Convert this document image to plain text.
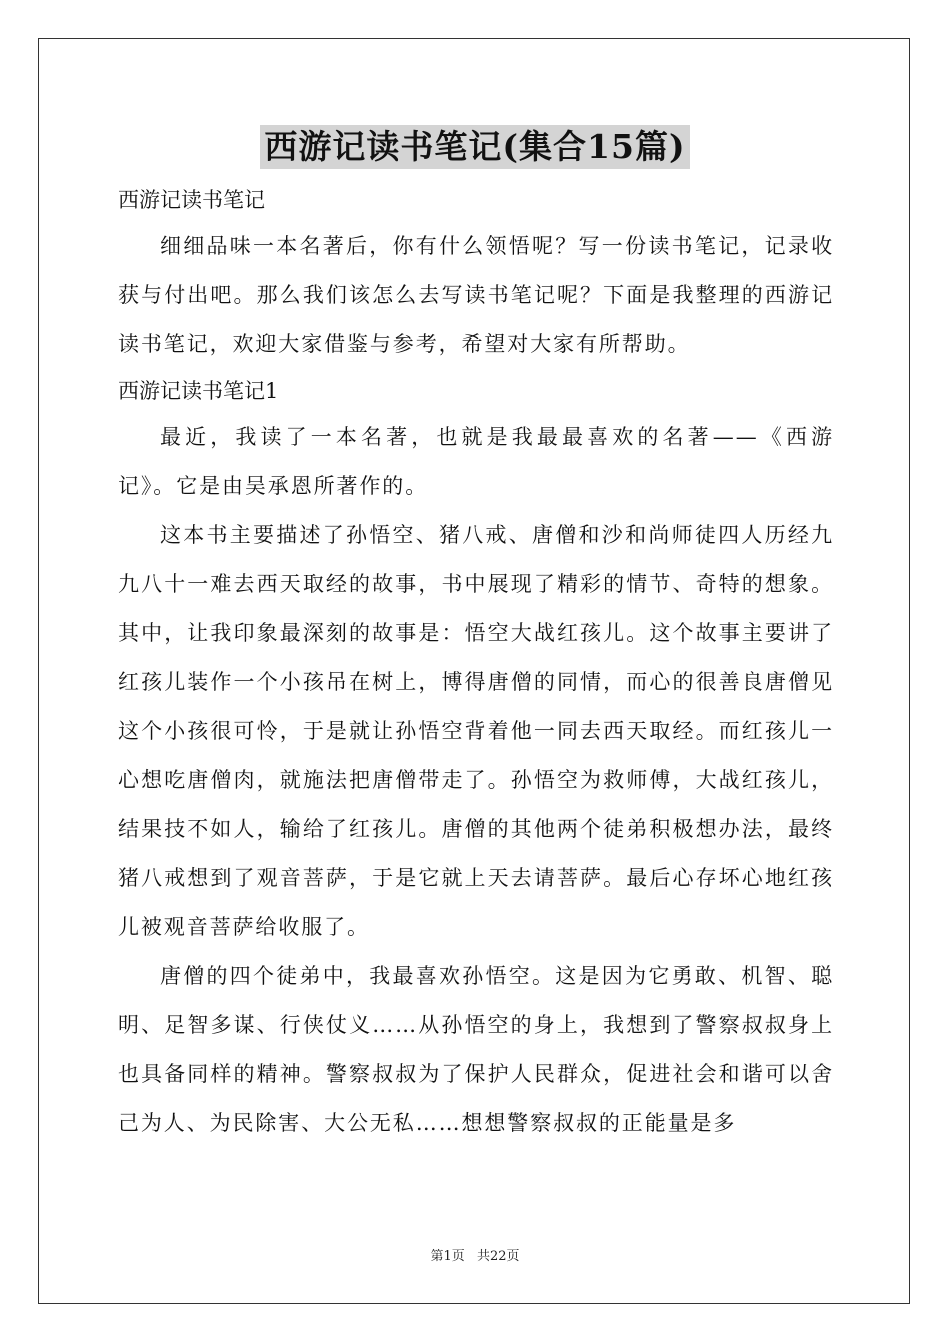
西游记读书笔记(集合15篇)

西游记读书笔记

细细品味一本名著后，你有什么领悟呢？写一份读书笔记，记录收获与付出吧。那么我们该怎么去写读书笔记呢？下面是我整理的西游记读书笔记，欢迎大家借鉴与参考，希望对大家有所帮助。

西游记读书笔记1

最近，我读了一本名著，也就是我最最喜欢的名著——《西游记》。它是由吴承恩所著作的。

这本书主要描述了孙悟空、猪八戒、唐僧和沙和尚师徒四人历经九九八十一难去西天取经的故事，书中展现了精彩的情节、奇特的想象。其中，让我印象最深刻的故事是：悟空大战红孩儿。这个故事主要讲了红孩儿装作一个小孩吊在树上，博得唐僧的同情，而心的很善良唐僧见这个小孩很可怜，于是就让孙悟空背着他一同去西天取经。而红孩儿一心想吃唐僧肉，就施法把唐僧带走了。孙悟空为救师傅，大战红孩儿，结果技不如人，输给了红孩儿。唐僧的其他两个徒弟积极想办法，最终猪八戒想到了观音菩萨，于是它就上天去请菩萨。最后心存坏心地红孩儿被观音菩萨给收服了。

唐僧的四个徒弟中，我最喜欢孙悟空。这是因为它勇敢、机智、聪明、足智多谋、行侠仗义……从孙悟空的身上，我想到了警察叔叔身上也具备同样的精神。警察叔叔为了保护人民群众，促进社会和谐可以舍己为人、为民除害、大公无私……想想警察叔叔的正能量是多

第1页 共22页
